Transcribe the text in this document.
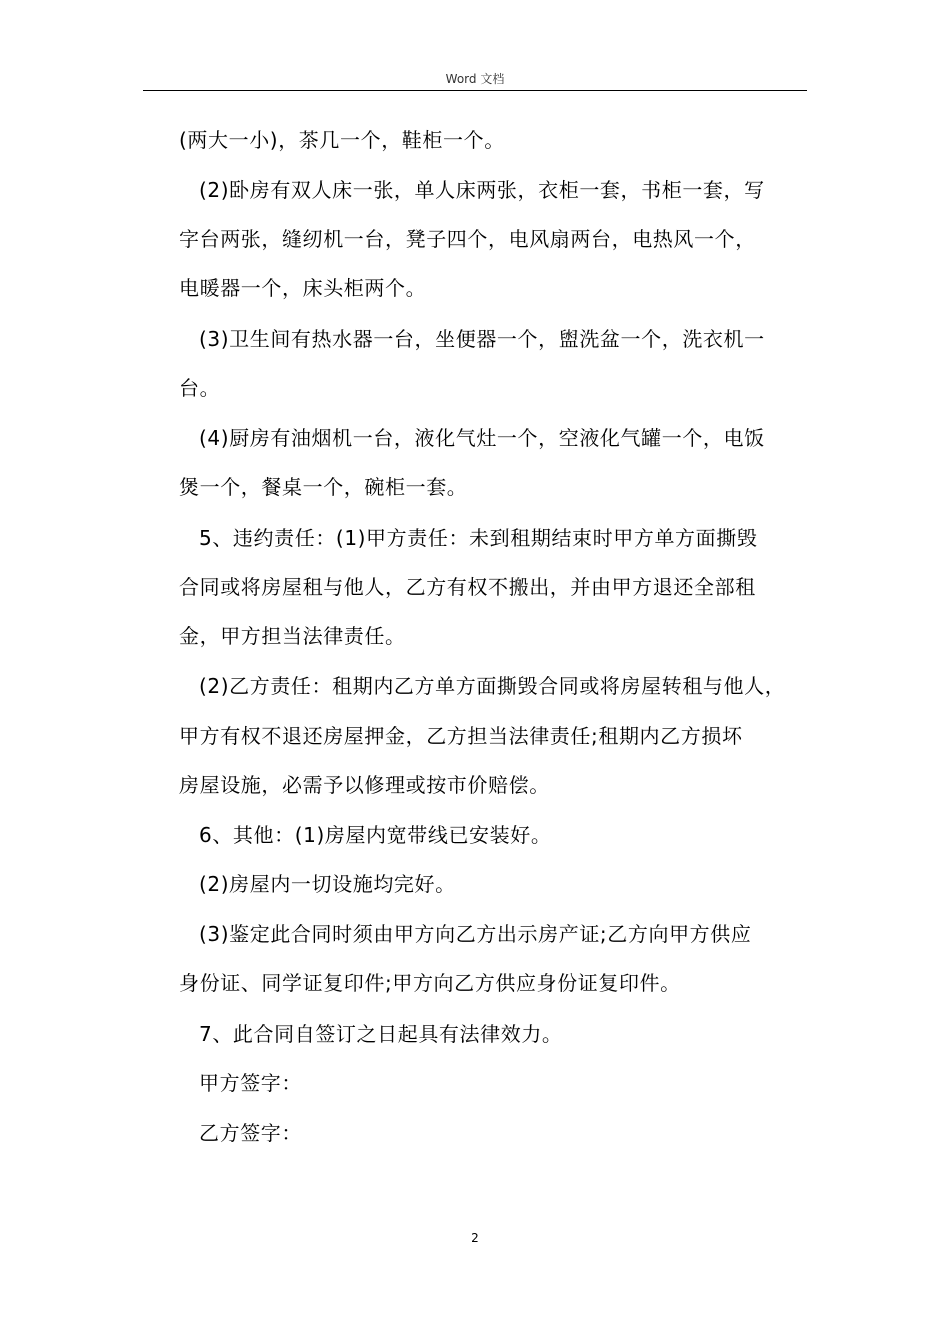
Word 文档
(两大一小)，茶几一个，鞋柜一个。
(2)卧房有双人床一张，单人床两张，衣柜一套，书柜一套，写
字台两张，缝纫机一台，凳子四个，电风扇两台，电热风一个，
电暖器一个，床头柜两个。
(3)卫生间有热水器一台，坐便器一个，盥洗盆一个，洗衣机一
台。
(4)厨房有油烟机一台，液化气灶一个，空液化气罐一个，电饭
煲一个，餐桌一个，碗柜一套。
5、违约责任：(1)甲方责任：未到租期结束时甲方单方面撕毁
合同或将房屋租与他人，乙方有权不搬出，并由甲方退还全部租
金，甲方担当法律责任。
(2)乙方责任：租期内乙方单方面撕毁合同或将房屋转租与他人，
甲方有权不退还房屋押金，乙方担当法律责任;租期内乙方损坏
房屋设施，必需予以修理或按市价赔偿。
6、其他：(1)房屋内宽带线已安装好。
(2)房屋内一切设施均完好。
(3)鉴定此合同时须由甲方向乙方出示房产证;乙方向甲方供应
身份证、同学证复印件;甲方向乙方供应身份证复印件。
7、此合同自签订之日起具有法律效力。
甲方签字：
乙方签字：
2
